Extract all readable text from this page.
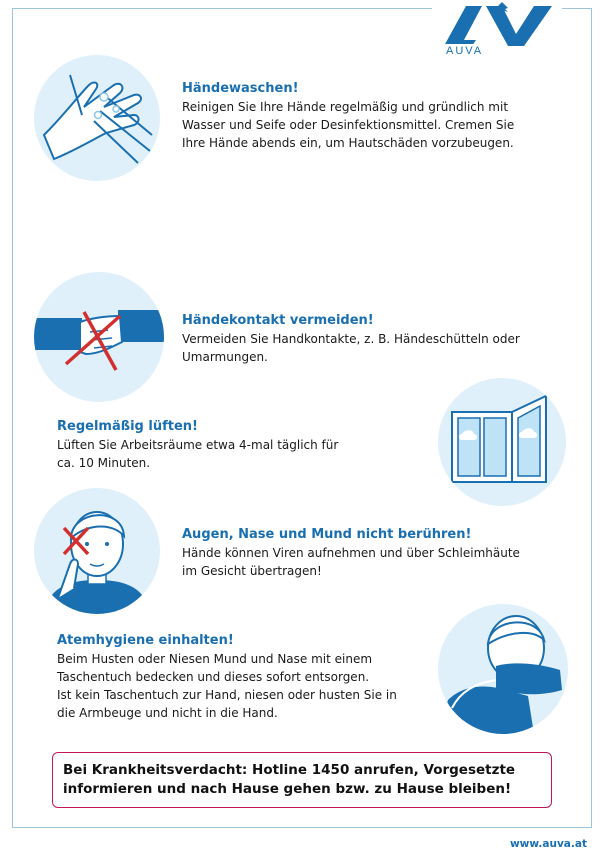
AUVA

Händewaschen!

Reinigen Sie Ihre Hände regelmäßig und gründlich mit

Wasser und Seife oder Desinfektionsmittel. Cremen Sie

Ihre Hände abends ein, um Hautschäden vorzubeugen.

Händekontakt vermeiden!

Vermeiden Sie Handkontakte, z. B. Händeschütteln oder

Umarmungen.

Regelmäßig lüften!

Lüften Sie Arbeitsräume etwa 4-mal täglich für

ca. 10 Minuten.

Augen, Nase und Mund nicht berühren!

Hände können Viren aufnehmen und über Schleimhäute

im Gesicht übertragen!

Atemhygiene einhalten!

Beim Husten oder Niesen Mund und Nase mit einem

Taschentuch bedecken und dieses sofort entsorgen.

Ist kein Taschentuch zur Hand, niesen oder husten Sie in

die Armbeuge und nicht in die Hand.

Bei Krankheitsverdacht: Hotline 1450 anrufen, Vorgesetzte

informieren und nach Hause gehen bzw. zu Hause bleiben!

www.auva.at
